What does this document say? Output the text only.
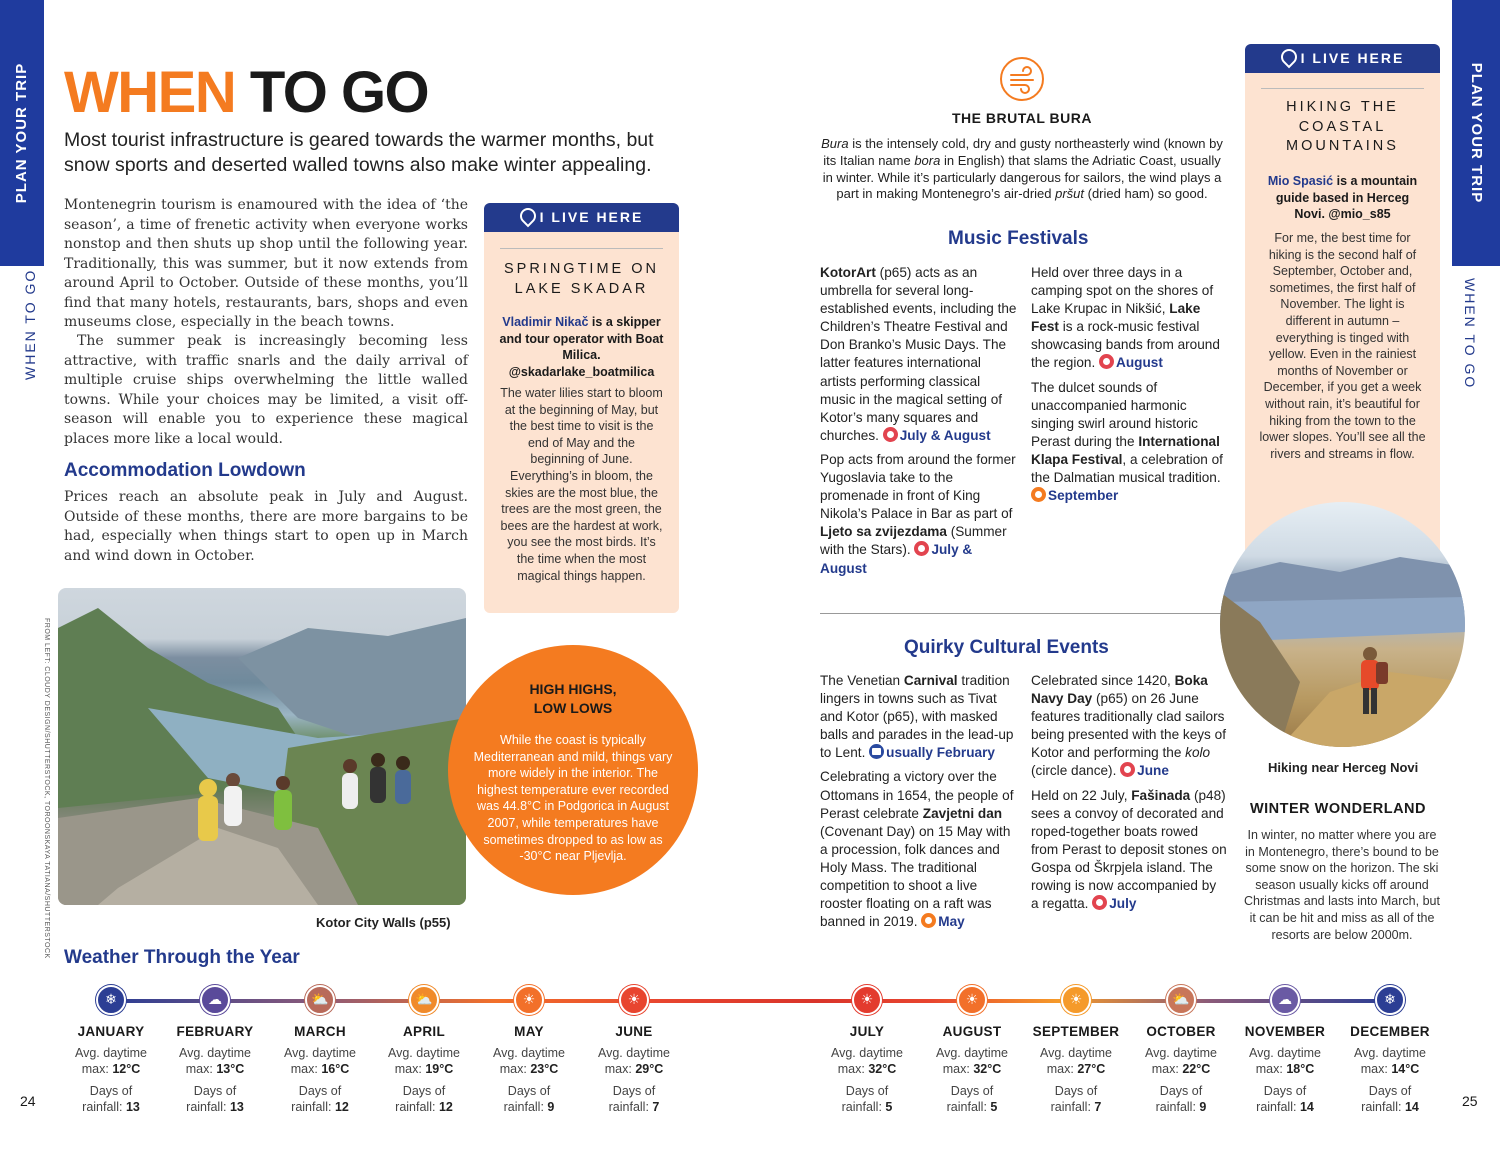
PLAN YOUR TRIP
WHEN TO GO
PLAN YOUR TRIP
WHEN TO GO
WHEN TO GO
Most tourist infrastructure is geared towards the warmer months, but snow sports and deserted walled towns also make winter appealing.
Montenegrin tourism is enamoured with the idea of ‘the season’, a time of frenetic activity when everyone works nonstop and then shuts up shop until the following year. Traditionally, this was summer, but it now extends from around April to October. Outside of these months, you’ll find that many hotels, restaurants, bars, shops and even museums close, especially in the beach towns.
The summer peak is increasingly becoming less attractive, with traffic snarls and the daily arrival of multiple cruise ships overwhelming the little walled towns. While your choices may be limited, a visit off-season will enable you to experience these magical places more like a local would.
Accommodation Lowdown
Prices reach an absolute peak in July and August. Outside of these months, there are more bargains to be had, especially when things start to open up in March and wind down in October.
I LIVE HERE
SPRINGTIME ON LAKE SKADAR
Vladimir Nikač is a skipper and tour operator with Boat Milica. @skadarlake_boatmilica
The water lilies start to bloom at the beginning of May, but the best time to visit is the end of May and the beginning of June. Everything’s in bloom, the skies are the most blue, the trees are the most green, the bees are the hardest at work, you see the most birds. It’s the time when the most magical things happen.
Kotor City Walls (p55)
FROM LEFT: CLOUDY DESIGN/SHUTTERSTOCK, TOROONSKAYA TATIANA/SHUTTERSTOCK	HIGH HIGHS, LOW LOWS
While the coast is typically Mediterranean and mild, things vary more widely in the interior. The highest temperature ever recorded was 44.8°C in Podgorica in August 2007, while temperatures have sometimes dropped to as low as -30°C near Pljevlja.
THE BRUTAL BURA
Bura is the intensely cold, dry and gusty northeasterly wind (known by its Italian name bora in English) that slams the Adriatic Coast, usually in winter. While it’s particularly dangerous for sailors, the wind plays a part in making Montenegro’s air-dried pršut (dried ham) so good.
Music Festivals

KotorArt (p65) acts as an umbrella for several long-established events, including the Children’s Theatre Festival and Don Branko’s Music Days. The latter features international artists performing classical music in the magical setting of Kotor’s many squares and churches. July & August

Pop acts from around the former Yugoslavia take to the promenade in front of King Nikola’s Palace in Bar as part of Ljeto sa zvijezdama (Summer with the Stars). July & August

Held over three days in a camping spot on the shores of Lake Krupac in Nikšić, Lake Fest is a rock-music festival showcasing bands from around the region. August

The dulcet sounds of unaccompanied harmonic singing swirl around historic Perast during the International Klapa Festival, a celebration of the Dalmatian musical tradition. September

Quirky Cultural Events

The Venetian Carnival tradition lingers in towns such as Tivat and Kotor (p65), with masked balls and parades in the lead-up to Lent. usually February

Celebrating a victory over the Ottomans in 1654, the people of Perast celebrate Zavjetni dan (Covenant Day) on 15 May with a procession, folk dances and Holy Mass. The traditional competition to shoot a live rooster floating on a raft was banned in 2019. May

Celebrated since 1420, Boka Navy Day (p65) on 26 June features traditionally clad sailors being presented with the keys of Kotor and performing the kolo (circle dance). June

Held on 22 July, Fašinada (p48) sees a convoy of decorated and roped-together boats rowed from Perast to deposit stones on Gospa od Škrpjela island. The rowing is now accompanied by a regatta. July

I LIVE HERE
HIKING THE COASTAL MOUNTAINS
Mio Spasić is a mountain guide based in Herceg Novi. @mio_s85
For me, the best time for hiking is the second half of September, October and, sometimes, the first half of November. The light is different in autumn – everything is tinged with yellow. Even in the rainiest months of November or December, if you get a week without rain, it’s beautiful for hiking from the town to the lower slopes. You’ll see all the rivers and streams in flow.
Hiking near Herceg Novi
WINTER WONDERLAND
In winter, no matter where you are in Montenegro, there’s bound to be some snow on the horizon. The ski season usually kicks off around Christmas and lasts into March, but it can be hit and miss as all of the resorts are below 2000m.
Weather Through the Year
❄
JANUARY
Avg. daytime
max: 12°C
Days of
rainfall: 13
☁
FEBRUARY
Avg. daytime
max: 13°C
Days of
rainfall: 13
⛅
MARCH
Avg. daytime
max: 16°C
Days of
rainfall: 12
⛅
APRIL
Avg. daytime
max: 19°C
Days of
rainfall: 12
☀
MAY
Avg. daytime
max: 23°C
Days of
rainfall: 9
☀
JUNE
Avg. daytime
max: 29°C
Days of
rainfall: 7
☀
JULY
Avg. daytime
max: 32°C
Days of
rainfall: 5
☀
AUGUST
Avg. daytime
max: 32°C
Days of
rainfall: 5
☀
SEPTEMBER
Avg. daytime
max: 27°C
Days of
rainfall: 7
⛅
OCTOBER
Avg. daytime
max: 22°C
Days of
rainfall: 9
☁
NOVEMBER
Avg. daytime
max: 18°C
Days of
rainfall: 14
❄
DECEMBER
Avg. daytime
max: 14°C
Days of
rainfall: 14
24	25
